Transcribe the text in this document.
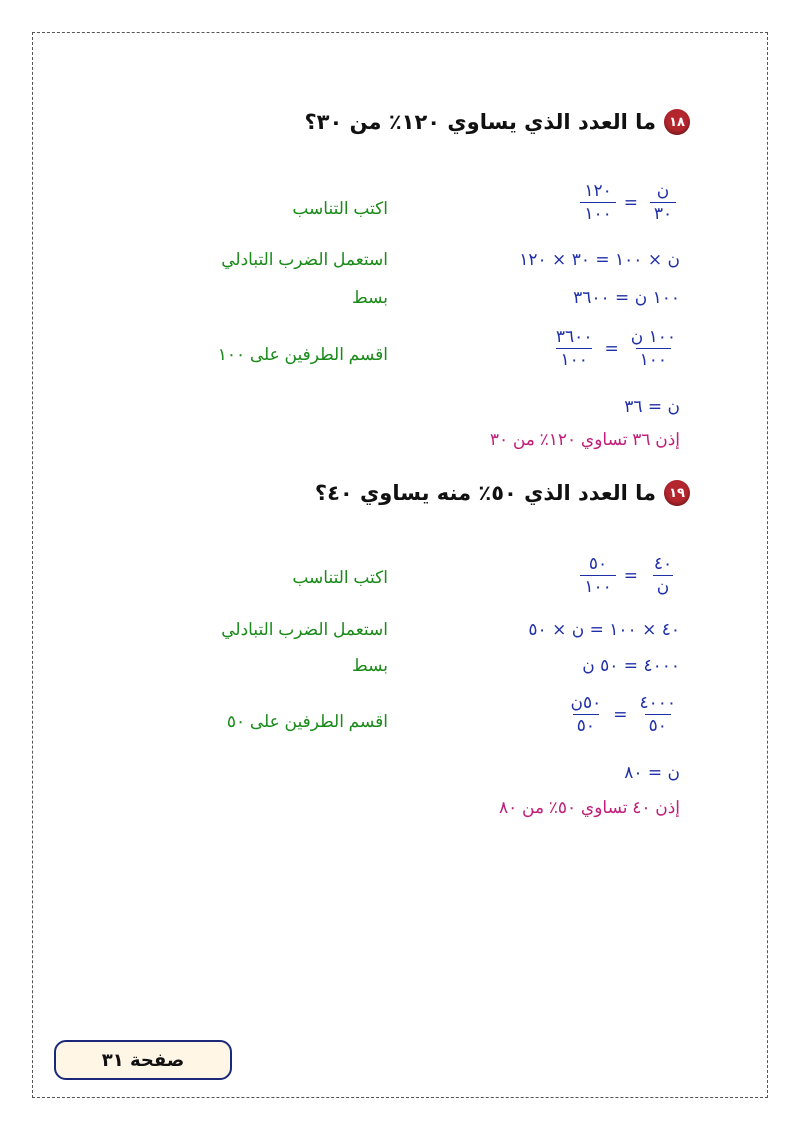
١٨
ما العدد الذي يساوي ١٢٠٪ من ٣٠؟
$\frac{\text{ن}}{٣٠}$
=
$\frac{١٢٠}{١٠٠}$
اكتب التناسب
ن × ١٠٠ = ٣٠ × ١٢٠
استعمل الضرب التبادلي
١٠٠ ن = ٣٦٠٠
بسط
$\frac{\text{١٠٠ ن}}{١٠٠}$
=
$\frac{٣٦٠٠}{١٠٠}$
اقسم الطرفين على ١٠٠
ن = ٣٦
إذن ٣٦ تساوي ١٢٠٪ من ٣٠
١٩
ما العدد الذي ٥٠٪ منه يساوي ٤٠؟
$\frac{٤٠}{\text{ن}}$
=
$\frac{٥٠}{١٠٠}$
اكتب التناسب
٤٠ × ١٠٠ = ن × ٥٠
استعمل الضرب التبادلي
٤٠٠٠ = ٥٠ ن
بسط
$\frac{٤٠٠٠}{٥٠}$
=
$\frac{\text{٥٠ن}}{٥٠}$
اقسم الطرفين على ٥٠
ن = ٨٠
إذن ٤٠ تساوي ٥٠٪ من ٨٠
صفحة ٣١
